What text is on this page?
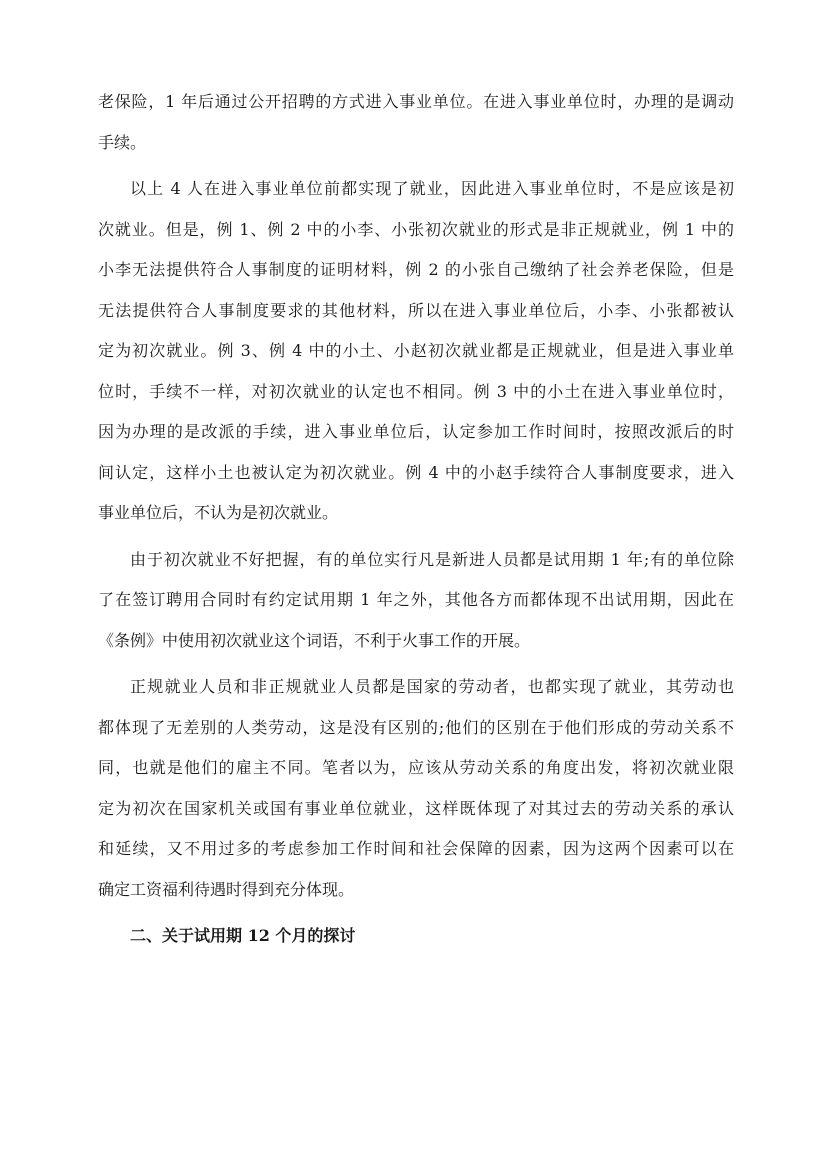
老保险，1 年后通过公开招聘的方式进入事业单位。在进入事业单位时，办理的是调动
手续。
以上 4 人在进入事业单位前都实现了就业，因此进入事业单位时，不是应该是初
次就业。但是，例 1、例 2 中的小李、小张初次就业的形式是非正规就业，例 1 中的
小李无法提供符合人事制度的证明材料，例 2 的小张自己缴纳了社会养老保险，但是
无法提供符合人事制度要求的其他材料，所以在进入事业单位后，小李、小张都被认
定为初次就业。例 3、例 4 中的小土、小赵初次就业都是正规就业，但是进入事业单
位时，手续不一样，对初次就业的认定也不相同。例 3 中的小土在进入事业单位时，
因为办理的是改派的手续，进入事业单位后，认定参加工作时间时，按照改派后的时
间认定，这样小土也被认定为初次就业。例 4 中的小赵手续符合人事制度要求，进入
事业单位后，不认为是初次就业。
由于初次就业不好把握，有的单位实行凡是新进人员都是试用期 1 年;有的单位除
了在签订聘用合同时有约定试用期 1 年之外，其他各方而都体现不出试用期，因此在
《条例》中使用初次就业这个词语，不利于火事工作的开展。
正规就业人员和非正规就业人员都是国家的劳动者，也都实现了就业，其劳动也
都体现了无差别的人类劳动，这是没有区别的;他们的区别在于他们形成的劳动关系不
同，也就是他们的雇主不同。笔者以为，应该从劳动关系的角度出发，将初次就业限
定为初次在国家机关或国有事业单位就业，这样既体现了对其过去的劳动关系的承认
和延续，又不用过多的考虑参加工作时间和社会保障的因素，因为这两个因素可以在
确定工资福利待遇时得到充分体现。
二、关于试用期 12 个月的探讨
